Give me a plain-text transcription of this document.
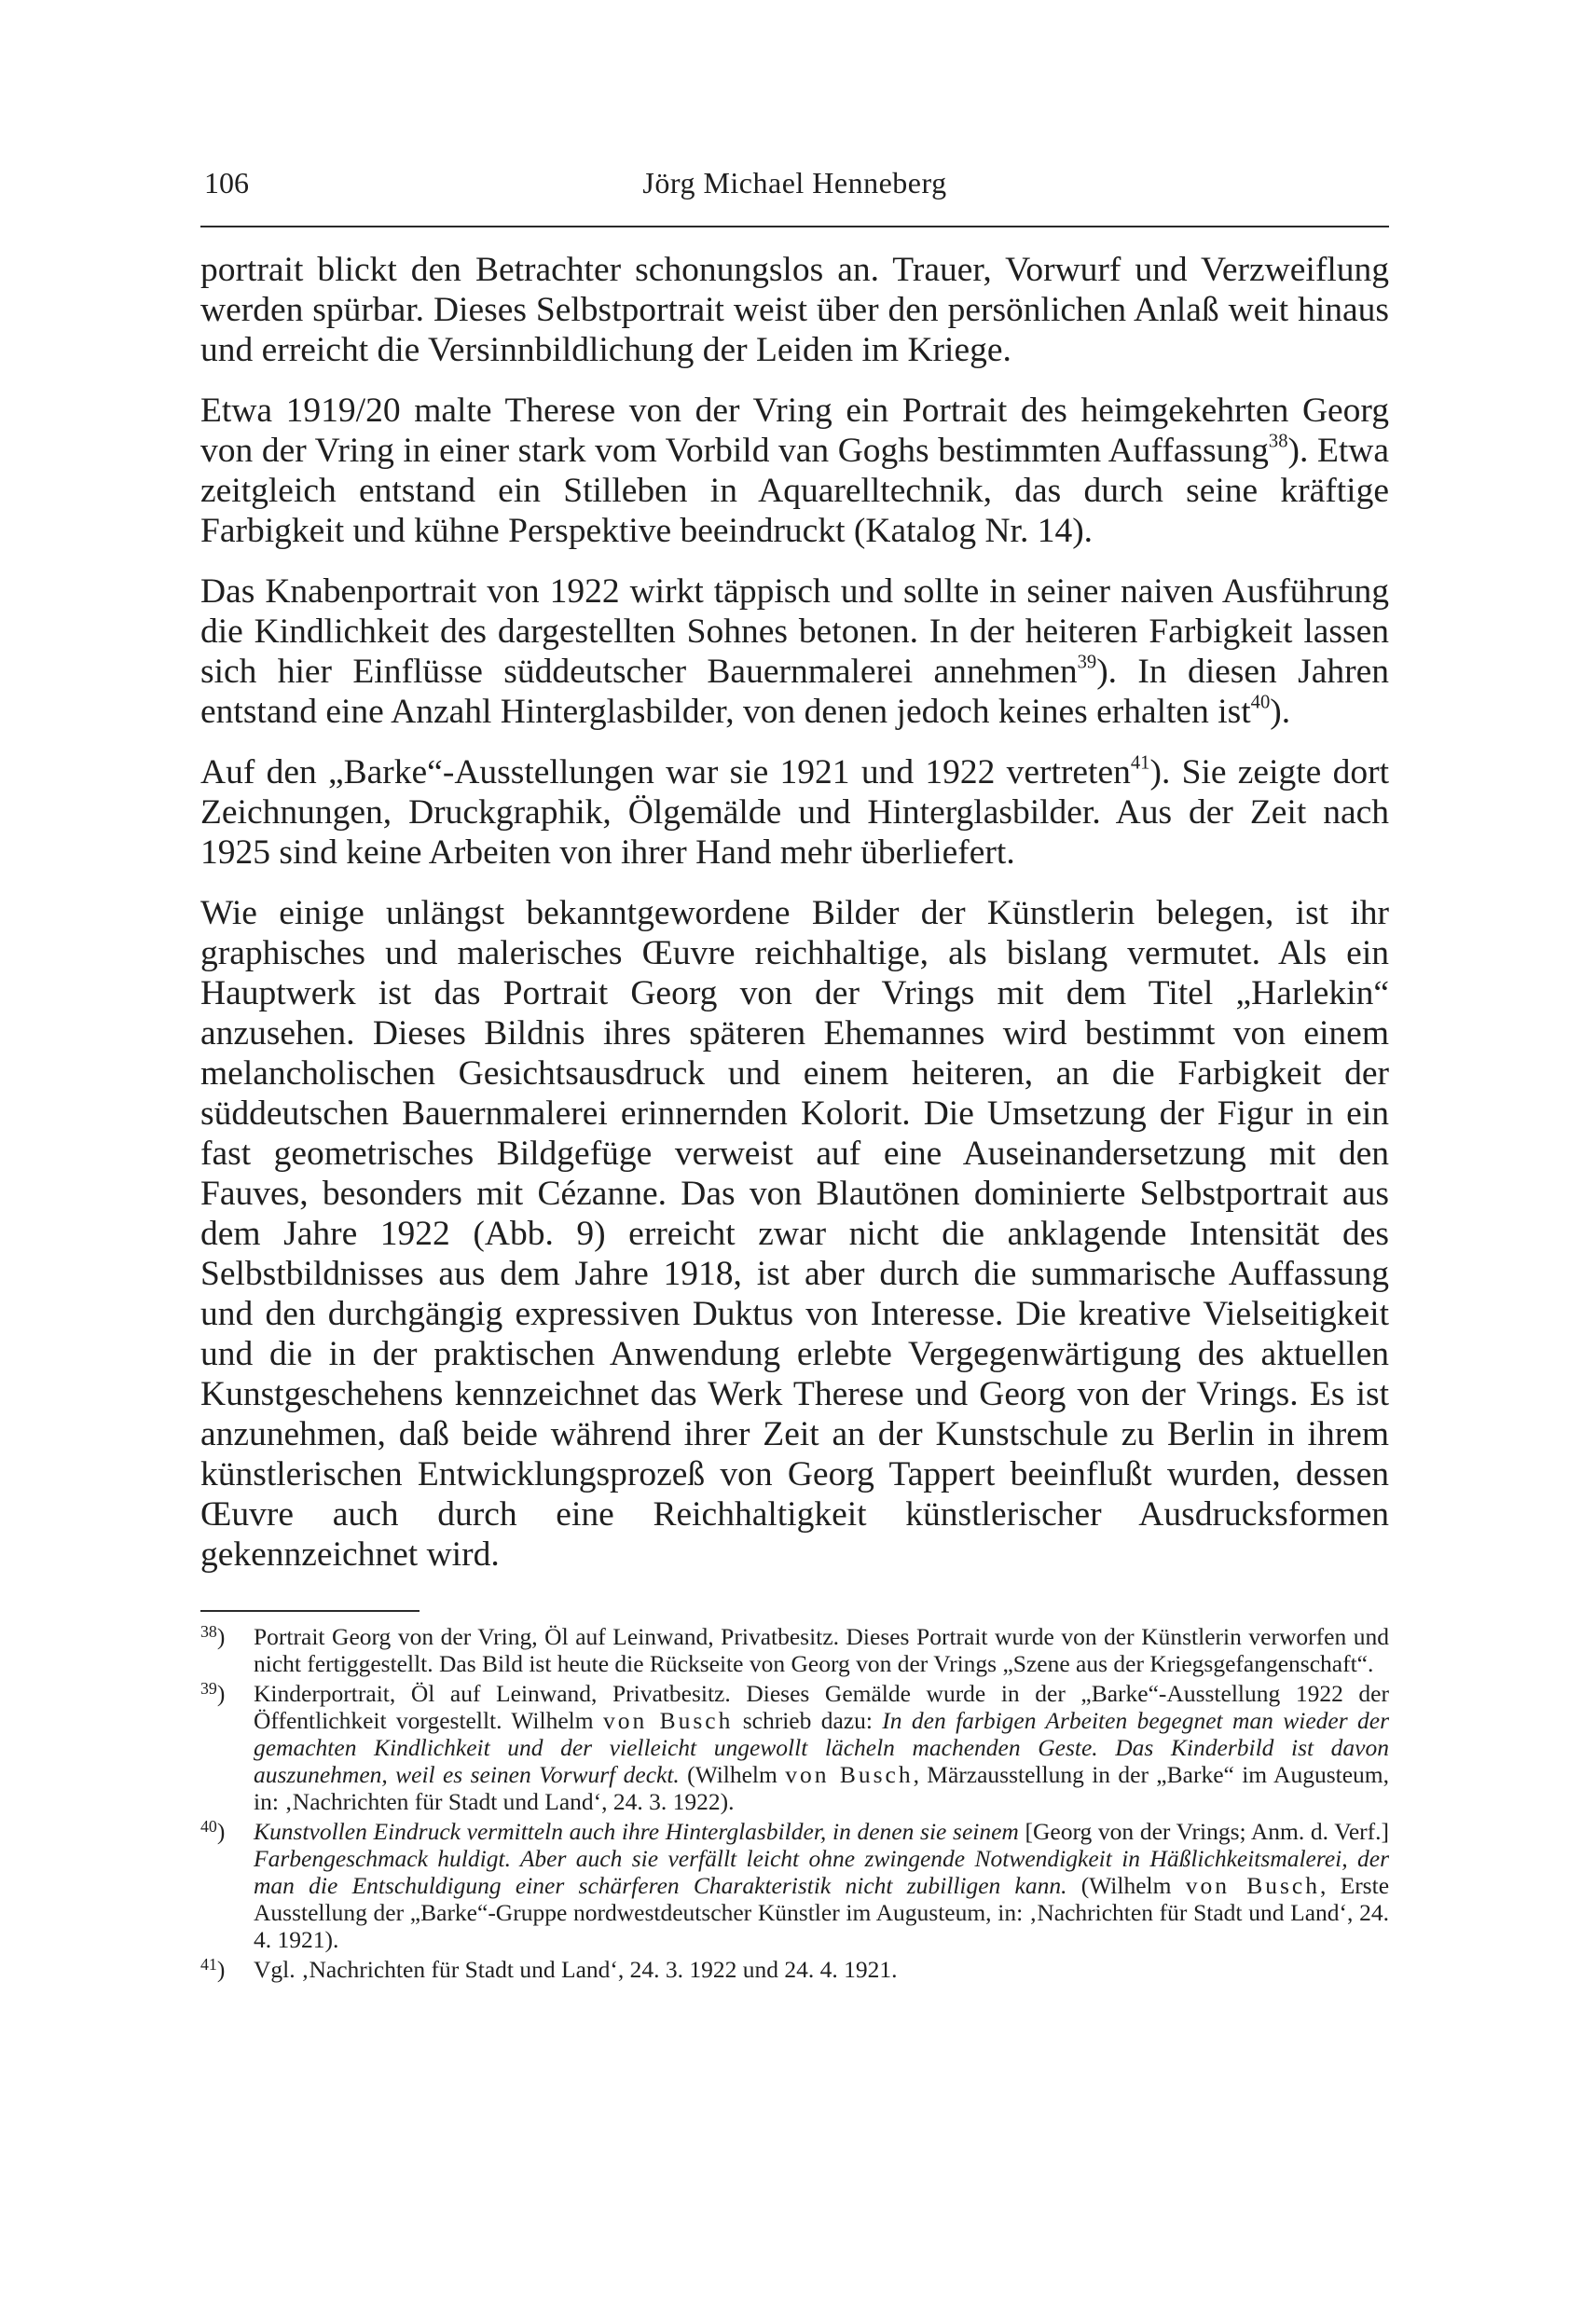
106	Jörg Michael Henneberg

portrait blickt den Betrachter schonungslos an. Trauer, Vorwurf und Verzweiflung werden spürbar. Dieses Selbstportrait weist über den persönlichen Anlaß weit hinaus und erreicht die Versinnbildlichung der Leiden im Kriege.

Etwa 1919/20 malte Therese von der Vring ein Portrait des heimgekehrten Georg von der Vring in einer stark vom Vorbild van Goghs bestimmten Auffassung$^{38}$). Etwa zeitgleich entstand ein Stilleben in Aquarelltechnik, das durch seine kräftige Farbigkeit und kühne Perspektive beeindruckt (Katalog Nr. 14).

Das Knabenportrait von 1922 wirkt täppisch und sollte in seiner naiven Ausführung die Kindlichkeit des dargestellten Sohnes betonen. In der heiteren Farbigkeit lassen sich hier Einflüsse süddeutscher Bauernmalerei annehmen$^{39}$). In diesen Jahren entstand eine Anzahl Hinterglasbilder, von denen jedoch keines erhalten ist$^{40}$).

Auf den „Barke“-Ausstellungen war sie 1921 und 1922 vertreten$^{41}$). Sie zeigte dort Zeichnungen, Druckgraphik, Ölgemälde und Hinterglasbilder. Aus der Zeit nach 1925 sind keine Arbeiten von ihrer Hand mehr überliefert.

Wie einige unlängst bekanntgewordene Bilder der Künstlerin belegen, ist ihr graphisches und malerisches Œuvre reichhaltige, als bislang vermutet. Als ein Hauptwerk ist das Portrait Georg von der Vrings mit dem Titel „Harlekin“ anzusehen. Dieses Bildnis ihres späteren Ehemannes wird bestimmt von einem melancholischen Gesichtsausdruck und einem heiteren, an die Farbigkeit der süddeutschen Bauernmalerei erinnernden Kolorit. Die Umsetzung der Figur in ein fast geometrisches Bildgefüge verweist auf eine Auseinandersetzung mit den Fauves, besonders mit Cézanne. Das von Blautönen dominierte Selbstportrait aus dem Jahre 1922 (Abb. 9) erreicht zwar nicht die anklagende Intensität des Selbstbildnisses aus dem Jahre 1918, ist aber durch die summarische Auffassung und den durchgängig expressiven Duktus von Interesse. Die kreative Vielseitigkeit und die in der praktischen Anwendung erlebte Vergegenwärtigung des aktuellen Kunstgeschehens kennzeichnet das Werk Therese und Georg von der Vrings. Es ist anzunehmen, daß beide während ihrer Zeit an der Kunstschule zu Berlin in ihrem künstlerischen Entwicklungsprozeß von Georg Tappert beeinflußt wurden, dessen Œuvre auch durch eine Reichhaltigkeit künstlerischer Ausdrucksformen gekennzeichnet wird.

$^{38}$) Portrait Georg von der Vring, Öl auf Leinwand, Privatbesitz. Dieses Portrait wurde von der Künstlerin verworfen und nicht fertiggestellt. Das Bild ist heute die Rückseite von Georg von der Vrings „Szene aus der Kriegsgefangenschaft“.
$^{39}$) Kinderportrait, Öl auf Leinwand, Privatbesitz. Dieses Gemälde wurde in der „Barke“-Ausstellung 1922 der Öffentlichkeit vorgestellt. Wilhelm von Busch schrieb dazu: In den farbigen Arbeiten begegnet man wieder der gemachten Kindlichkeit und der vielleicht ungewollt lächeln machenden Geste. Das Kinderbild ist davon auszunehmen, weil es seinen Vorwurf deckt. (Wilhelm von Busch, Märzausstellung in der „Barke“ im Augusteum, in: ‚Nachrichten für Stadt und Land‘, 24. 3. 1922).
$^{40}$) Kunstvollen Eindruck vermitteln auch ihre Hinterglasbilder, in denen sie seinem [Georg von der Vrings; Anm. d. Verf.] Farbengeschmack huldigt. Aber auch sie verfällt leicht ohne zwingende Notwendigkeit in Häßlichkeitsmalerei, der man die Entschuldigung einer schärferen Charakteristik nicht zubilligen kann. (Wilhelm von Busch, Erste Ausstellung der „Barke“-Gruppe nordwestdeutscher Künstler im Augusteum, in: ‚Nachrichten für Stadt und Land‘, 24. 4. 1921).
$^{41}$) Vgl. ‚Nachrichten für Stadt und Land‘, 24. 3. 1922 und 24. 4. 1921.
